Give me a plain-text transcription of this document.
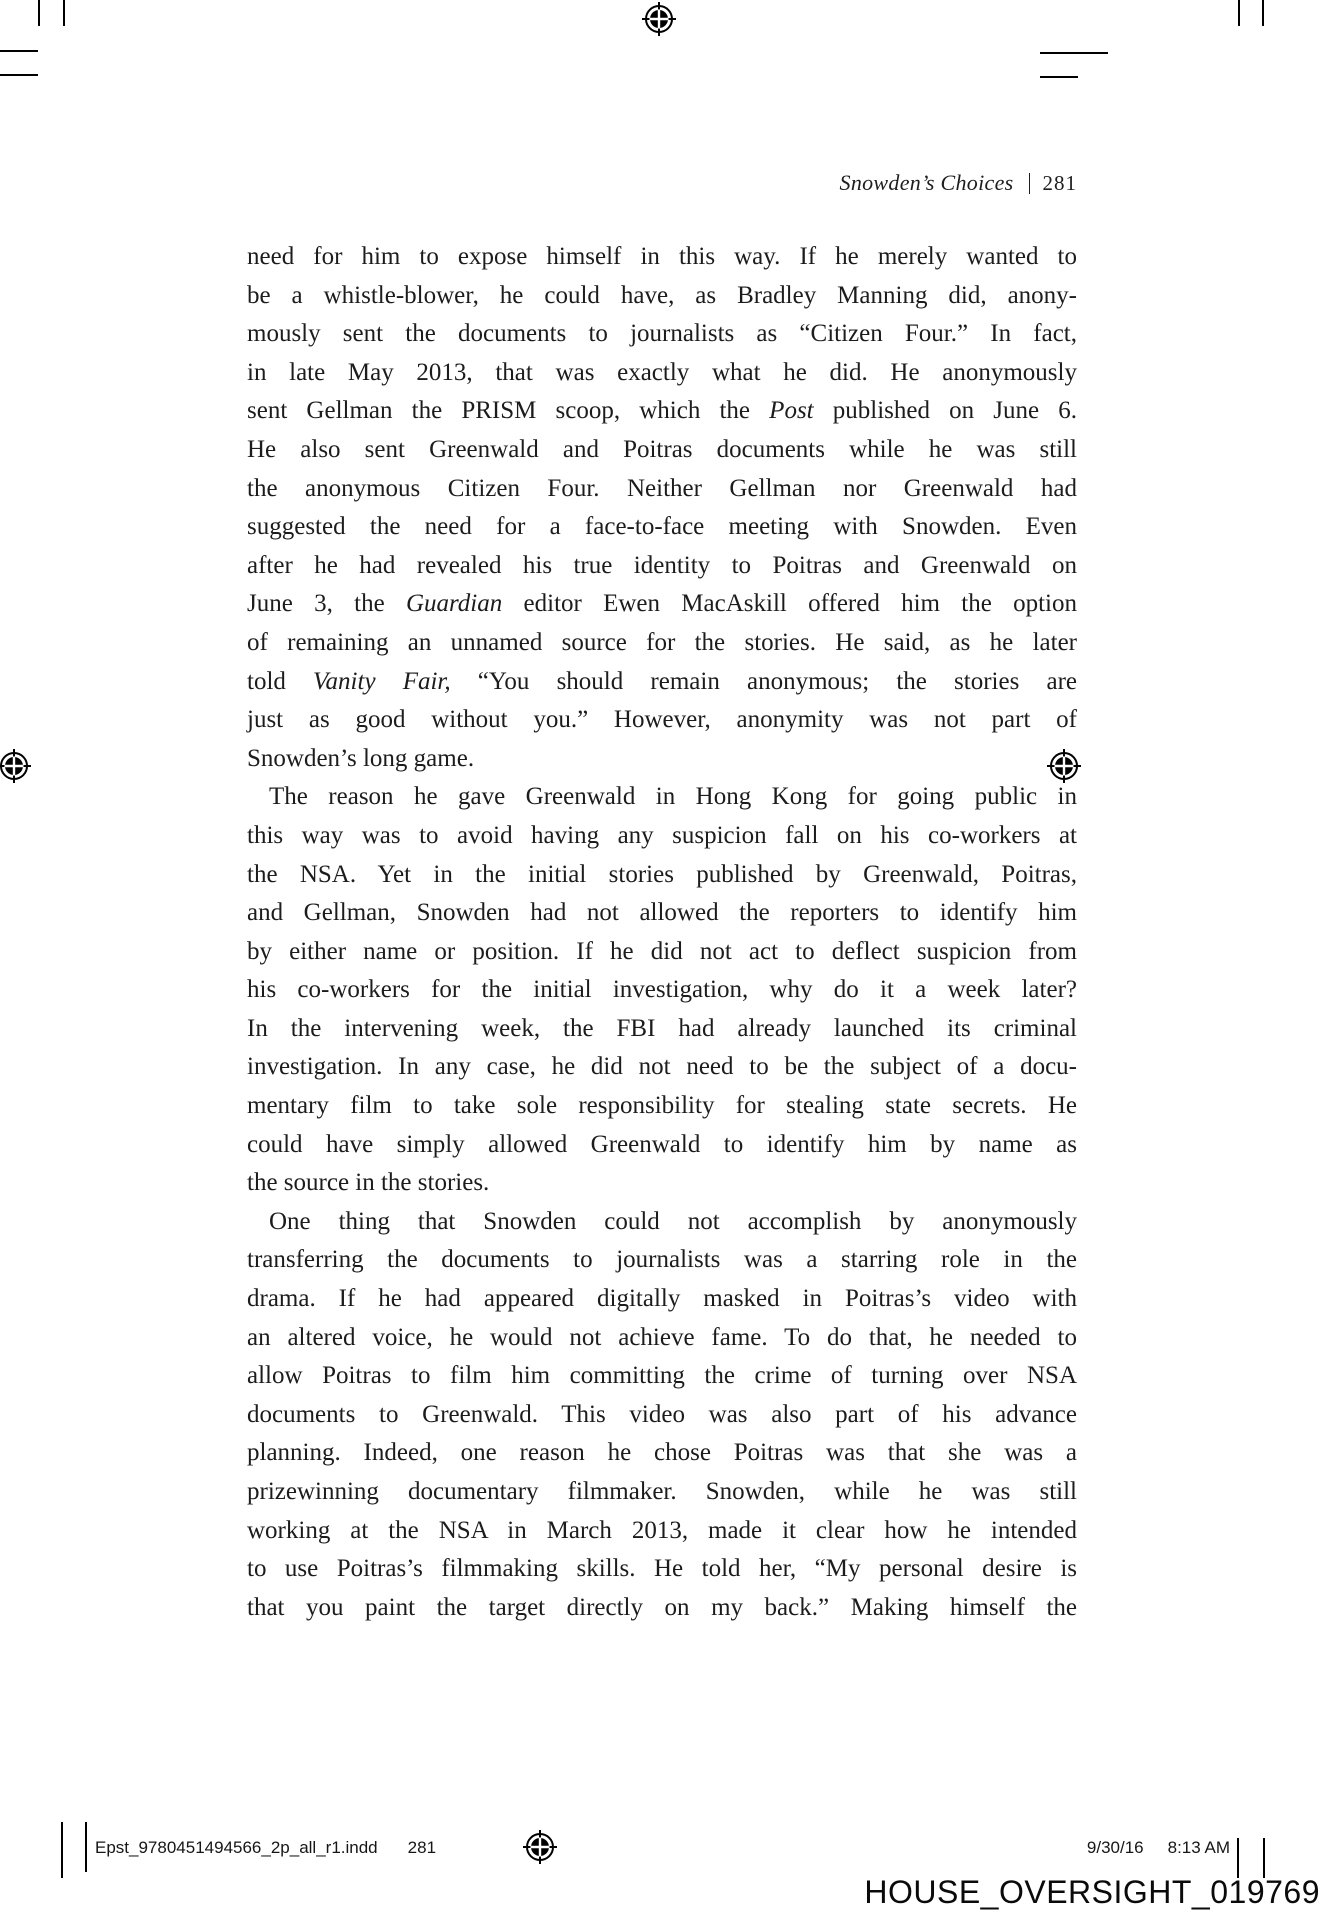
Snowden’s Choices 281
need for him to expose himself in this way. If he merely wanted to
be a whistle-blower, he could have, as Bradley Manning did, anony-
mously sent the documents to journalists as “Citizen Four.” In fact,
in late May 2013, that was exactly what he did. He anonymously
sent Gellman the PRISM scoop, which the Post published on June 6.
He also sent Greenwald and Poitras documents while he was still
the anonymous Citizen Four. Neither Gellman nor Greenwald had
suggested the need for a face-to-face meeting with Snowden. Even
after he had revealed his true identity to Poitras and Greenwald on
June 3, the Guardian editor Ewen MacAskill offered him the option
of remaining an unnamed source for the stories. He said, as he later
told Vanity Fair, “You should remain anonymous; the stories are
just as good without you.” However, anonymity was not part of
Snowden’s long game.
The reason he gave Greenwald in Hong Kong for going public in
this way was to avoid having any suspicion fall on his co-workers at
the NSA. Yet in the initial stories published by Greenwald, Poitras,
and Gellman, Snowden had not allowed the reporters to identify him
by either name or position. If he did not act to deflect suspicion from
his co-workers for the initial investigation, why do it a week later?
In the intervening week, the FBI had already launched its criminal
investigation. In any case, he did not need to be the subject of a docu-
mentary film to take sole responsibility for stealing state secrets. He
could have simply allowed Greenwald to identify him by name as
the source in the stories.
One thing that Snowden could not accomplish by anonymously
transferring the documents to journalists was a starring role in the
drama. If he had appeared digitally masked in Poitras’s video with
an altered voice, he would not achieve fame. To do that, he needed to
allow Poitras to film him committing the crime of turning over NSA
documents to Greenwald. This video was also part of his advance
planning. Indeed, one reason he chose Poitras was that she was a
prizewinning documentary filmmaker. Snowden, while he was still
working at the NSA in March 2013, made it clear how he intended
to use Poitras’s filmmaking skills. He told her, “My personal desire is
that you paint the target directly on my back.” Making himself the
Epst_9780451494566_2p_all_r1.indd 281	9/30/16 8:13 AM
HOUSE_OVERSIGHT_019769
